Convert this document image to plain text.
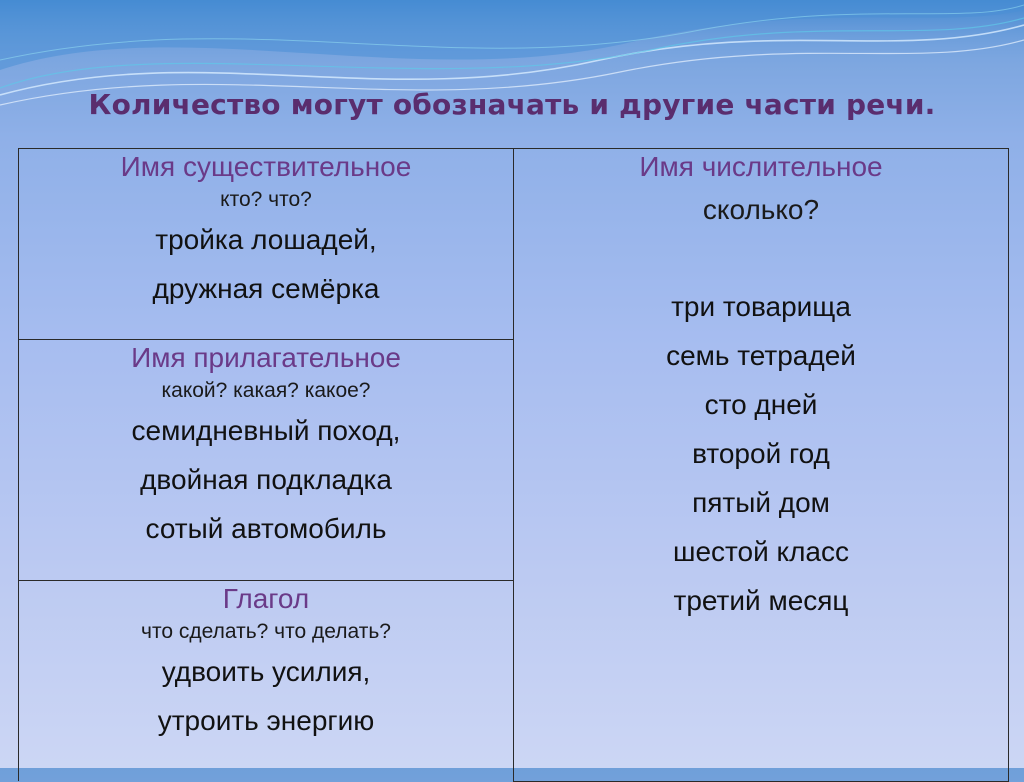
Количество могут обозначать и другие части речи.
Имя существительное
кто? что?
тройка лошадей,
дружная семёрка

Имя числительное
сколько?
три товарища
семь тетрадей
сто дней
второй год
пятый дом
шестой класс
третий месяц

Имя прилагательное
какой? какая? какое?
семидневный поход,
двойная подкладка
сотый автомобиль

Глагол
что сделать? что делать?
удвоить усилия,
утроить энергию
